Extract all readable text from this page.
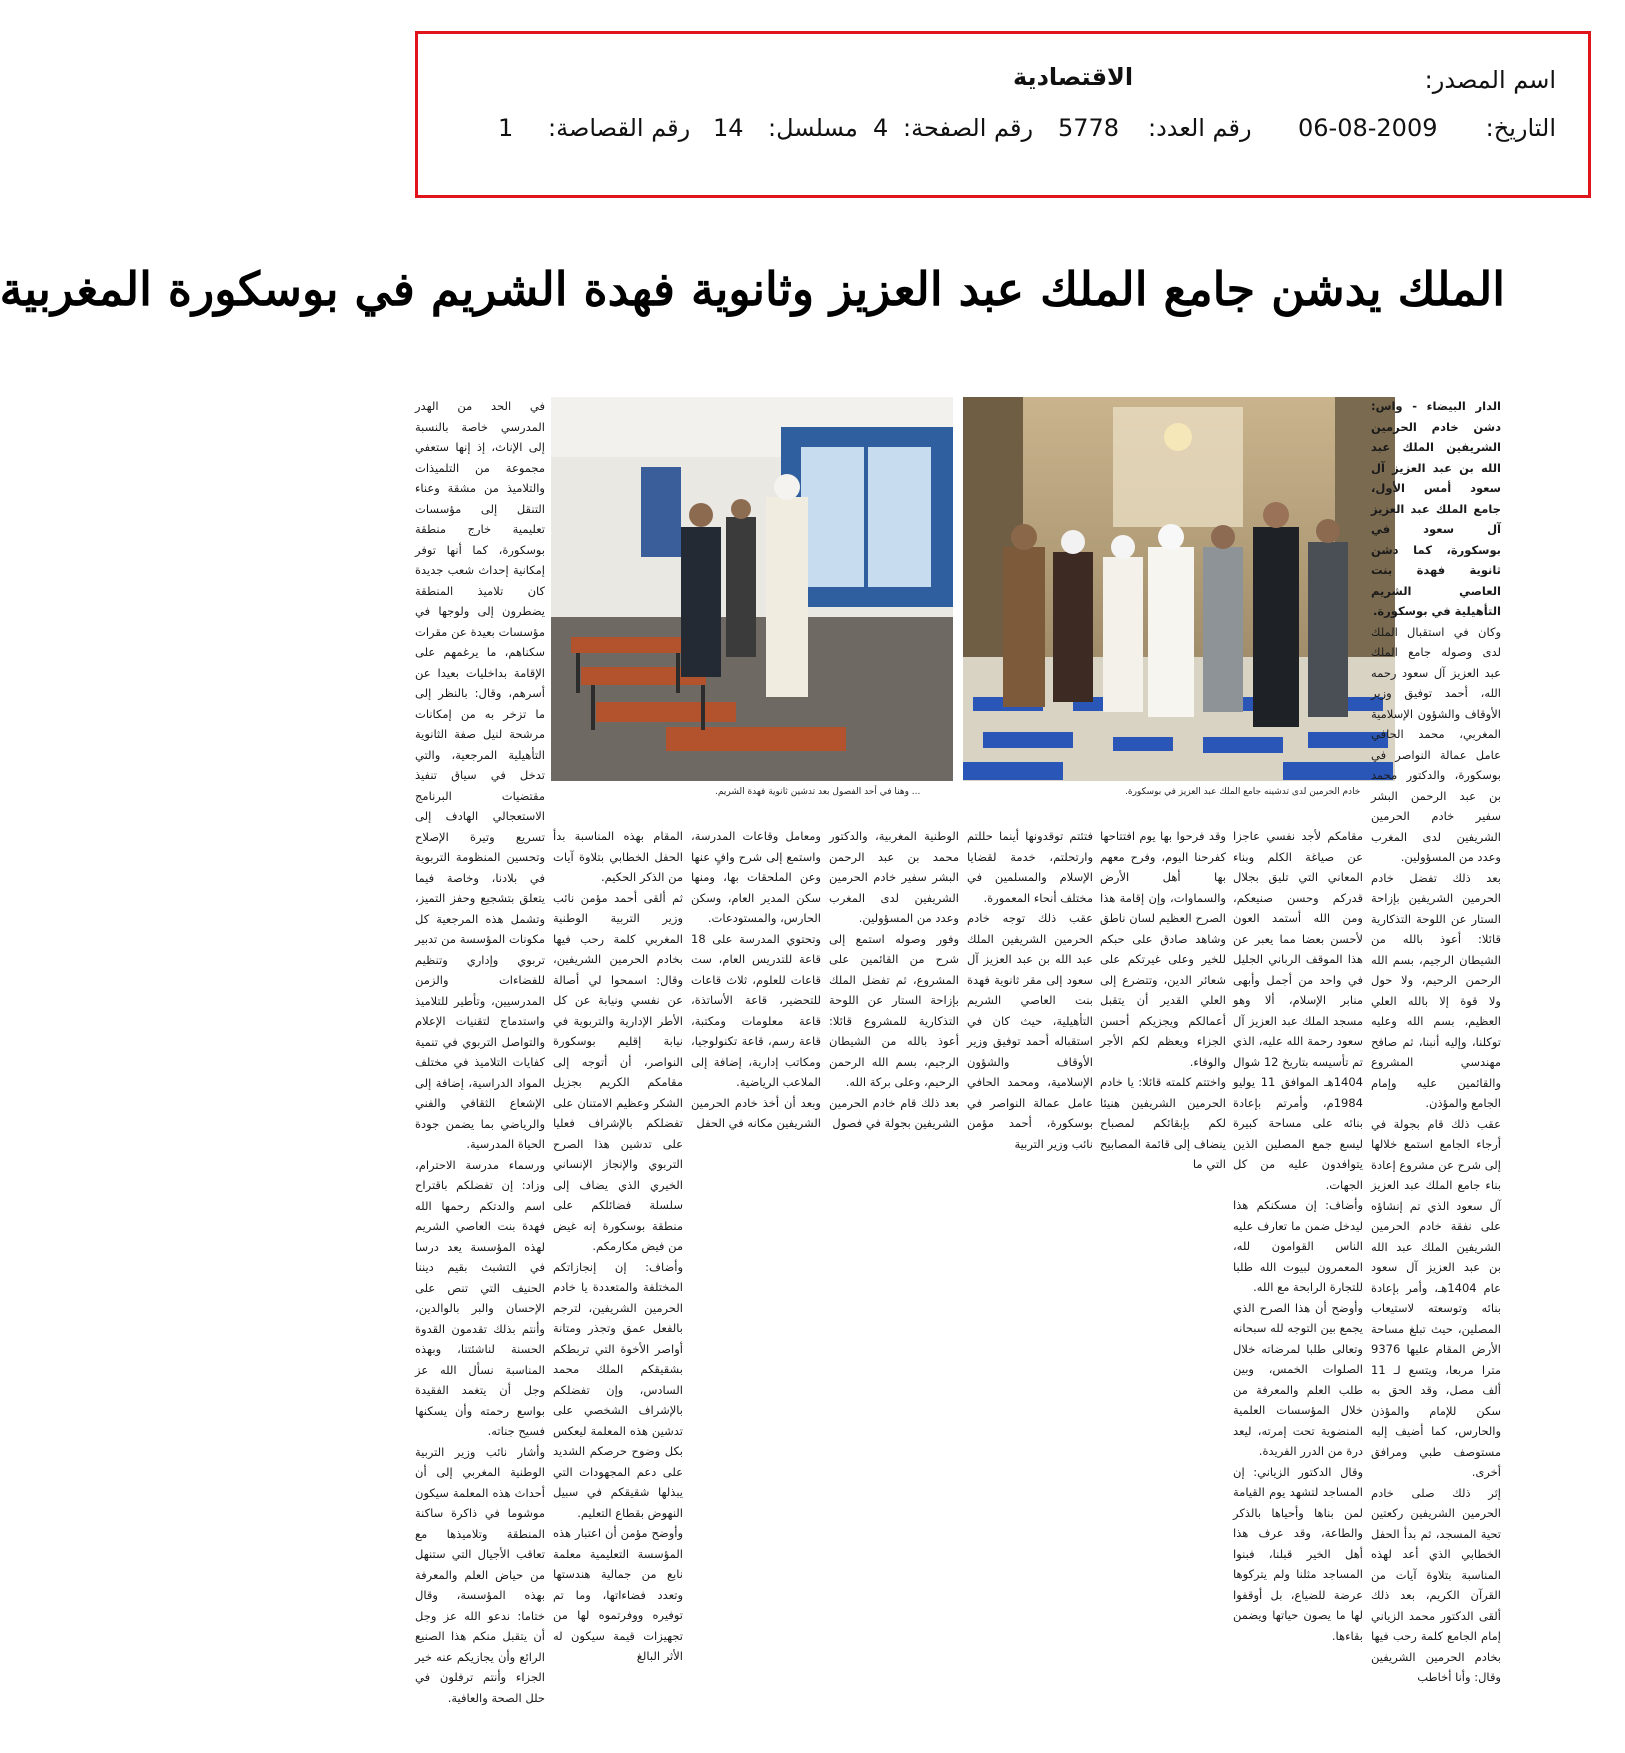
اسم المصدر:
الاقتصادية
التاريخ:
06-08-2009
رقم العدد:
5778
رقم الصفحة:
4
مسلسل:
14
رقم القصاصة:
1
الملك يدشن جامع الملك عبد العزيز وثانوية فهدة الشريم في بوسكورة المغربية
خادم الحرمين لدى تدشينه جامع الملك عبد العزيز في بوسكورة.
... وهنا في أحد الفصول بعد تدشين ثانوية فهدة الشريم.

الدار البيضاء - واس: دشن خادم الحرمين الشريفين الملك عبد الله بن عبد العزيز آل سعود أمس الأول، جامع الملك عبد العزيز آل سعود في بوسكورة، كما دشن ثانوية فهدة بنت العاصي الشريم التأهيلية في بوسكورة.

وكان في استقبال الملك لدى وصوله جامع الملك عبد العزيز آل سعود رحمه الله، أحمد توفيق وزير الأوقاف والشؤون الإسلامية المغربي، محمد الحافي عامل عمالة النواصر في بوسكورة، والدكتور محمد بن عبد الرحمن البشر سفير خادم الحرمين الشريفين لدى المغرب وعدد من المسؤولين.

بعد ذلك تفضل خادم الحرمين الشريفين بإزاحة الستار عن اللوحة التذكارية قائلا: أعوذ بالله من الشيطان الرجيم، بسم الله الرحمن الرحيم، ولا حول ولا قوة إلا بالله العلي العظيم، بسم الله وعليه توكلنا، وإليه أنبنا، ثم صافح مهندسي المشروع والقائمين عليه وإمام الجامع والمؤذن.

عقب ذلك قام بجولة في أرجاء الجامع استمع خلالها إلى شرح عن مشروع إعادة بناء جامع الملك عبد العزيز آل سعود الذي تم إنشاؤه على نفقة خادم الحرمين الشريفين الملك عبد الله بن عبد العزيز آل سعود عام 1404هـ، وأمر بإعادة بنائه وتوسعته لاستيعاب المصلين، حيث تبلغ مساحة الأرض المقام عليها 9376 مترا مربعا، ويتسع لـ 11 ألف مصل، وقد الحق به سكن للإمام والمؤذن والحارس، كما أضيف إليه مستوصف طبي ومرافق أخرى.

إثر ذلك صلى خادم الحرمين الشريفين ركعتين تحية المسجد، ثم بدأ الحفل الخطابي الذي أعد لهذه المناسبة بتلاوة آيات من القرآن الكريم، بعد ذلك ألقى الدكتور محمد الزياني إمام الجامع كلمة رحب فيها بخادم الحرمين الشريفين وقال: وأنا أخاطب

مقامكم لأجد نفسي عاجزا عن صياغة الكلم وبناء المعاني التي تليق بجلال قدركم وحسن صنيعكم، ومن الله أستمد العون لأحسن بعضا مما يعبر عن هذا الموقف الرباني الجليل في واحد من أجمل وأبهى منابر الإسلام، ألا وهو مسجد الملك عبد العزيز آل سعود رحمة الله عليه، الذي تم تأسيسه بتاريخ 12 شوال 1404هـ الموافق 11 يوليو 1984م، وأمرتم بإعادة بنائه على مساحة كبيرة ليسع جمع المصلين الذين يتوافدون عليه من كل الجهات.

وأضاف: إن مسكنكم هذا ليدخل ضمن ما تعارف عليه الناس القوامون لله، المعمرون لبيوت الله طلبا للتجارة الرابحة مع الله.

وأوضح أن هذا الصرح الذي يجمع بين التوجه لله سبحانه وتعالى طلبا لمرضاته خلال الصلوات الخمس، وبين طلب العلم والمعرفة من خلال المؤسسات العلمية المنضوية تحت إمرته، ليعد درة من الدرر الفريدة.

وقال الدكتور الزياني: إن المساجد لتشهد يوم القيامة لمن بناها وأحياها بالذكر والطاعة، وقد عرف هذا أهل الخير قبلنا، فبنوا المساجد مثلنا ولم يتركوها عرضة للضياع، بل أوقفوا لها ما يصون حياتها ويضمن بقاءها.

وقد فرحوا بها يوم افتتاحها كفرحنا اليوم، وفرح معهم بها أهل الأرض والسماوات، وإن إقامة هذا الصرح العظيم لسان ناطق وشاهد صادق على حبكم للخير وعلى غيرتكم على شعائر الدين، وتتضرع إلى العلي القدير أن يتقبل أعمالكم ويجزيكم أحسن الجزاء ويعظم لكم الأجر والوفاء.

واختتم كلمته قائلا: يا خادم الحرمين الشريفين هنيئا لكم بإبقائكم لمصباح ينضاف إلى قائمة المصابيح التي ما

فتئتم توقدونها أينما حللتم وارتحلتم، خدمة لقضايا الإسلام والمسلمين في مختلف أنحاء المعمورة.

عقب ذلك توجه خادم الحرمين الشريفين الملك عبد الله بن عبد العزيز آل سعود إلى مقر ثانوية فهدة بنت العاصي الشريم التأهيلية، حيث كان في استقباله أحمد توفيق وزير الأوقاف والشؤون الإسلامية، ومحمد الحافي عامل عمالة النواصر في بوسكورة، أحمد مؤمن نائب وزير التربية

الوطنية المغربية، والدكتور محمد بن عبد الرحمن البشر سفير خادم الحرمين الشريفين لدى المغرب وعدد من المسؤولين.

وفور وصوله استمع إلى شرح من القائمين على المشروع، ثم تفضل الملك بإزاحة الستار عن اللوحة التذكارية للمشروع قائلا: أعوذ بالله من الشيطان الرجيم، بسم الله الرحمن الرحيم، وعلى بركة الله.

بعد ذلك قام خادم الحرمين الشريفين بجولة في فصول

ومعامل وقاعات المدرسة، واستمع إلى شرح وافٍ عنها وعن الملحقات بها، ومنها سكن المدير العام، وسكن الحارس، والمستودعات.

وتحتوي المدرسة على 18 قاعة للتدريس العام، ست قاعات للعلوم، ثلاث قاعات للتحضير، قاعة الأساتذة، قاعة معلومات ومكتبة، قاعة رسم، قاعة تكنولوجيا، ومكاتب إدارية، إضافة إلى الملاعب الرياضية.

وبعد أن أخذ خادم الحرمين الشريفين مكانه في الحفل

المقام بهذه المناسبة بدأ الحفل الخطابي بتلاوة آيات من الذكر الحكيم.

ثم ألقى أحمد مؤمن نائب وزير التربية الوطنية المغربي كلمة رحب فيها بخادم الحرمين الشريفين، وقال: اسمحوا لي أصالة عن نفسي ونيابة عن كل الأطر الإدارية والتربوية في نيابة إقليم بوسكورة النواصر، أن أتوجه إلى مقامكم الكريم بجزيل الشكر وعظيم الامتنان على تفضلكم بالإشراف فعليا على تدشين هذا الصرح التربوي والإنجاز الإنساني الخيري الذي يضاف إلى سلسلة فضائلكم على منطقة بوسكورة إنه غيض من فيض مكارمكم.

وأضاف: إن إنجازاتكم المختلفة والمتعددة يا خادم الحرمين الشريفين، لترجم بالفعل عمق وتجذر ومتانة أواصر الأخوة التي تربطكم بشقيقكم الملك محمد السادس، وإن تفضلكم بالإشراف الشخصي على تدشين هذه المعلمة ليعكس بكل وضوح حرصكم الشديد على دعم المجهودات التي يبذلها شقيقكم في سبيل النهوض بقطاع التعليم.

وأوضح مؤمن أن اعتبار هذه المؤسسة التعليمية معلمة نابع من جمالية هندستها وتعدد فضاءاتها، وما تم توفيره ووفرتموه لها من تجهيزات قيمة سيكون له الأثر البالغ

في الحد من الهدر المدرسي خاصة بالنسبة إلى الإناث، إذ إنها ستعفي مجموعة من التلميذات والتلاميذ من مشقة وعناء التنقل إلى مؤسسات تعليمية خارج منطقة بوسكورة، كما أنها توفر إمكانية إحداث شعب جديدة كان تلاميذ المنطقة يضطرون إلى ولوجها في مؤسسات بعيدة عن مقرات سكناهم، ما يرغمهم على الإقامة بداخليات بعيدا عن أسرهم، وقال: بالنظر إلى ما تزخر به من إمكانات مرشحة لنيل صفة الثانوية التأهيلية المرجعية، والتي تدخل في سياق تنفيذ مقتضيات البرنامج الاستعجالي الهادف إلى تسريع وتيرة الإصلاح وتحسين المنظومة التربوية في بلادنا، وخاصة فيما يتعلق بتشجيع وحفز التميز، وتشمل هذه المرجعية كل مكونات المؤسسة من تدبير تربوي وإداري وتنظيم للفضاءات والزمن المدرسيين، وتأطير للتلاميذ واستدماج لتقنيات الإعلام والتواصل التربوي في تنمية كفايات التلاميذ في مختلف المواد الدراسية، إضافة إلى الإشعاع الثقافي والفني والرياضي بما يضمن جودة الحياة المدرسية.

ورسماء مدرسة الاحترام، وزاد: إن تفضلكم باقتراح اسم والدتكم رحمها الله فهدة بنت العاصي الشريم لهذه المؤسسة يعد درسا في التشبث بقيم ديننا الحنيف التي تنص على الإحسان والبر بالوالدين، وأنتم بذلك تقدمون القدوة الحسنة لناشئتنا، وبهذه المناسبة نسأل الله عز وجل أن يتغمد الفقيدة بواسع رحمته وأن يسكنها فسيح جناته.

وأشار نائب وزير التربية الوطنية المغربي إلى أن أحداث هذه المعلمة سيكون موشوما في ذاكرة ساكنة المنطقة وتلاميذها مع تعاقب الأجيال التي ستنهل من حياض العلم والمعرفة بهذه المؤسسة، وقال ختاما: ندعو الله عز وجل أن يتقبل منكم هذا الصنيع الرائع وأن يجازيكم عنه خير الجزاء وأنتم ترفلون في حلل الصحة والعافية.
